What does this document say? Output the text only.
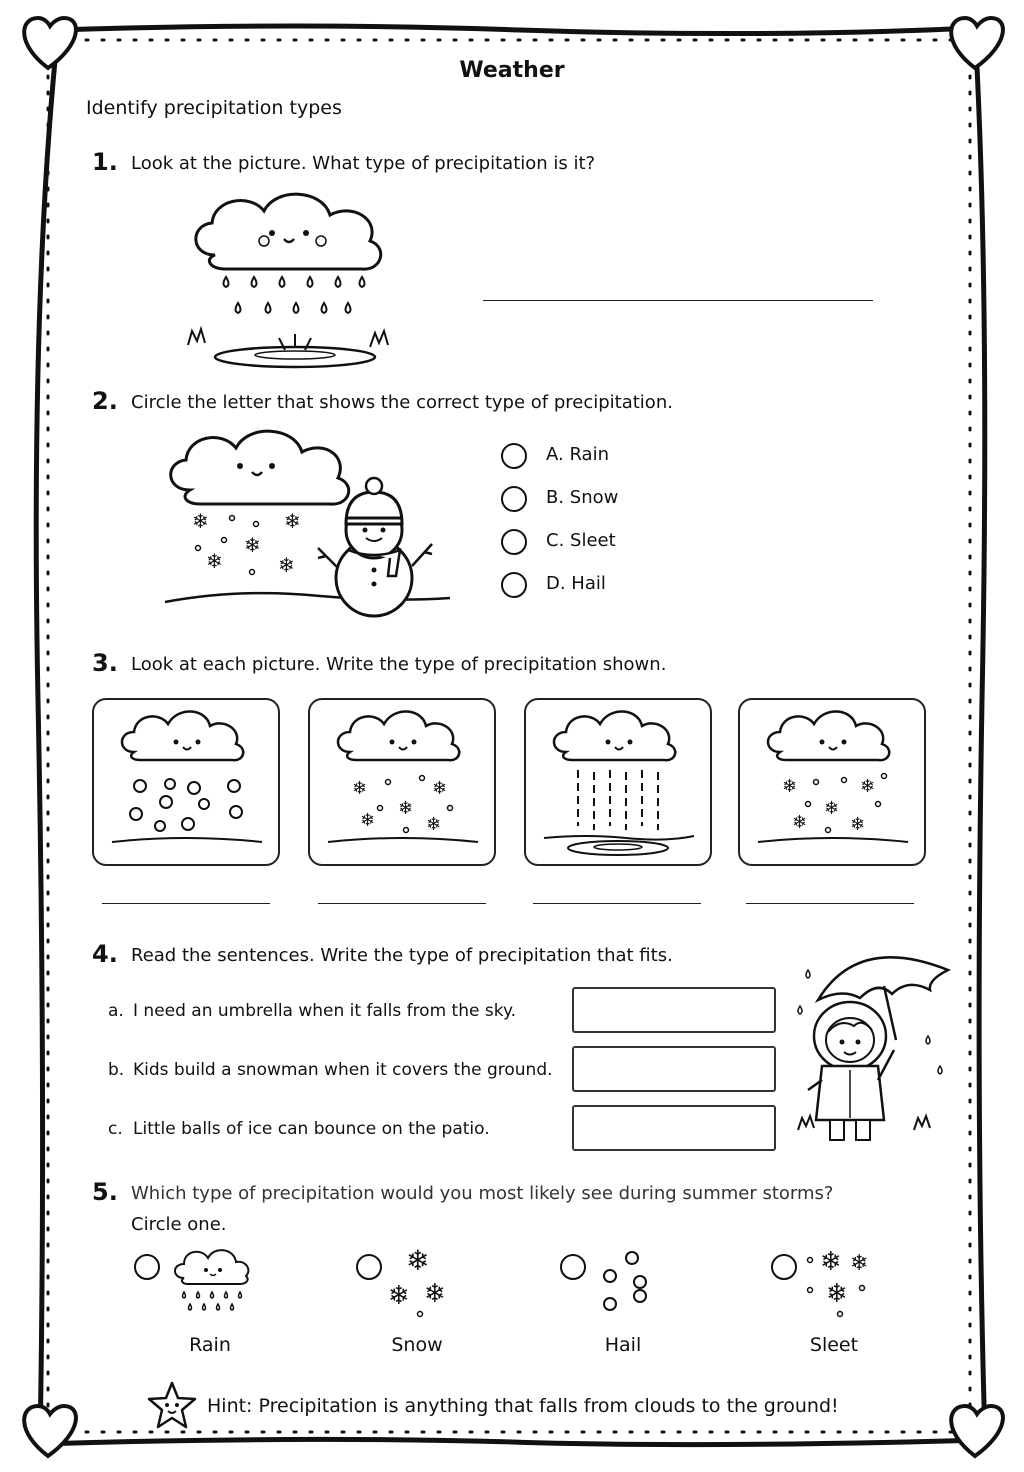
Weather
Identify precipitation types
1. Look at the picture. What type of precipitation is it?
2. Circle the letter that shows the correct type of precipitation.
❄	❄
❄
❄	❄
A. Rain
B. Snow
C. Sleet
D. Hail
3. Look at each picture. Write the type of precipitation shown.
❄	❄
❄
❄	❄
❄	❄
❄
❄ ❄
4. Read the sentences. Write the type of precipitation that fits.
a. I need an umbrella when it falls from the sky.
b. Kids build a snowman when it covers the ground.
c. Little balls of ice can bounce on the patio.
5. Which type of precipitation would you most likely see during summer storms?
Circle one.
Rain
❄
❄ ❄
Snow	Hail
❄ ❄
❄
Sleet
Hint: Precipitation is anything that falls from clouds to the ground!
